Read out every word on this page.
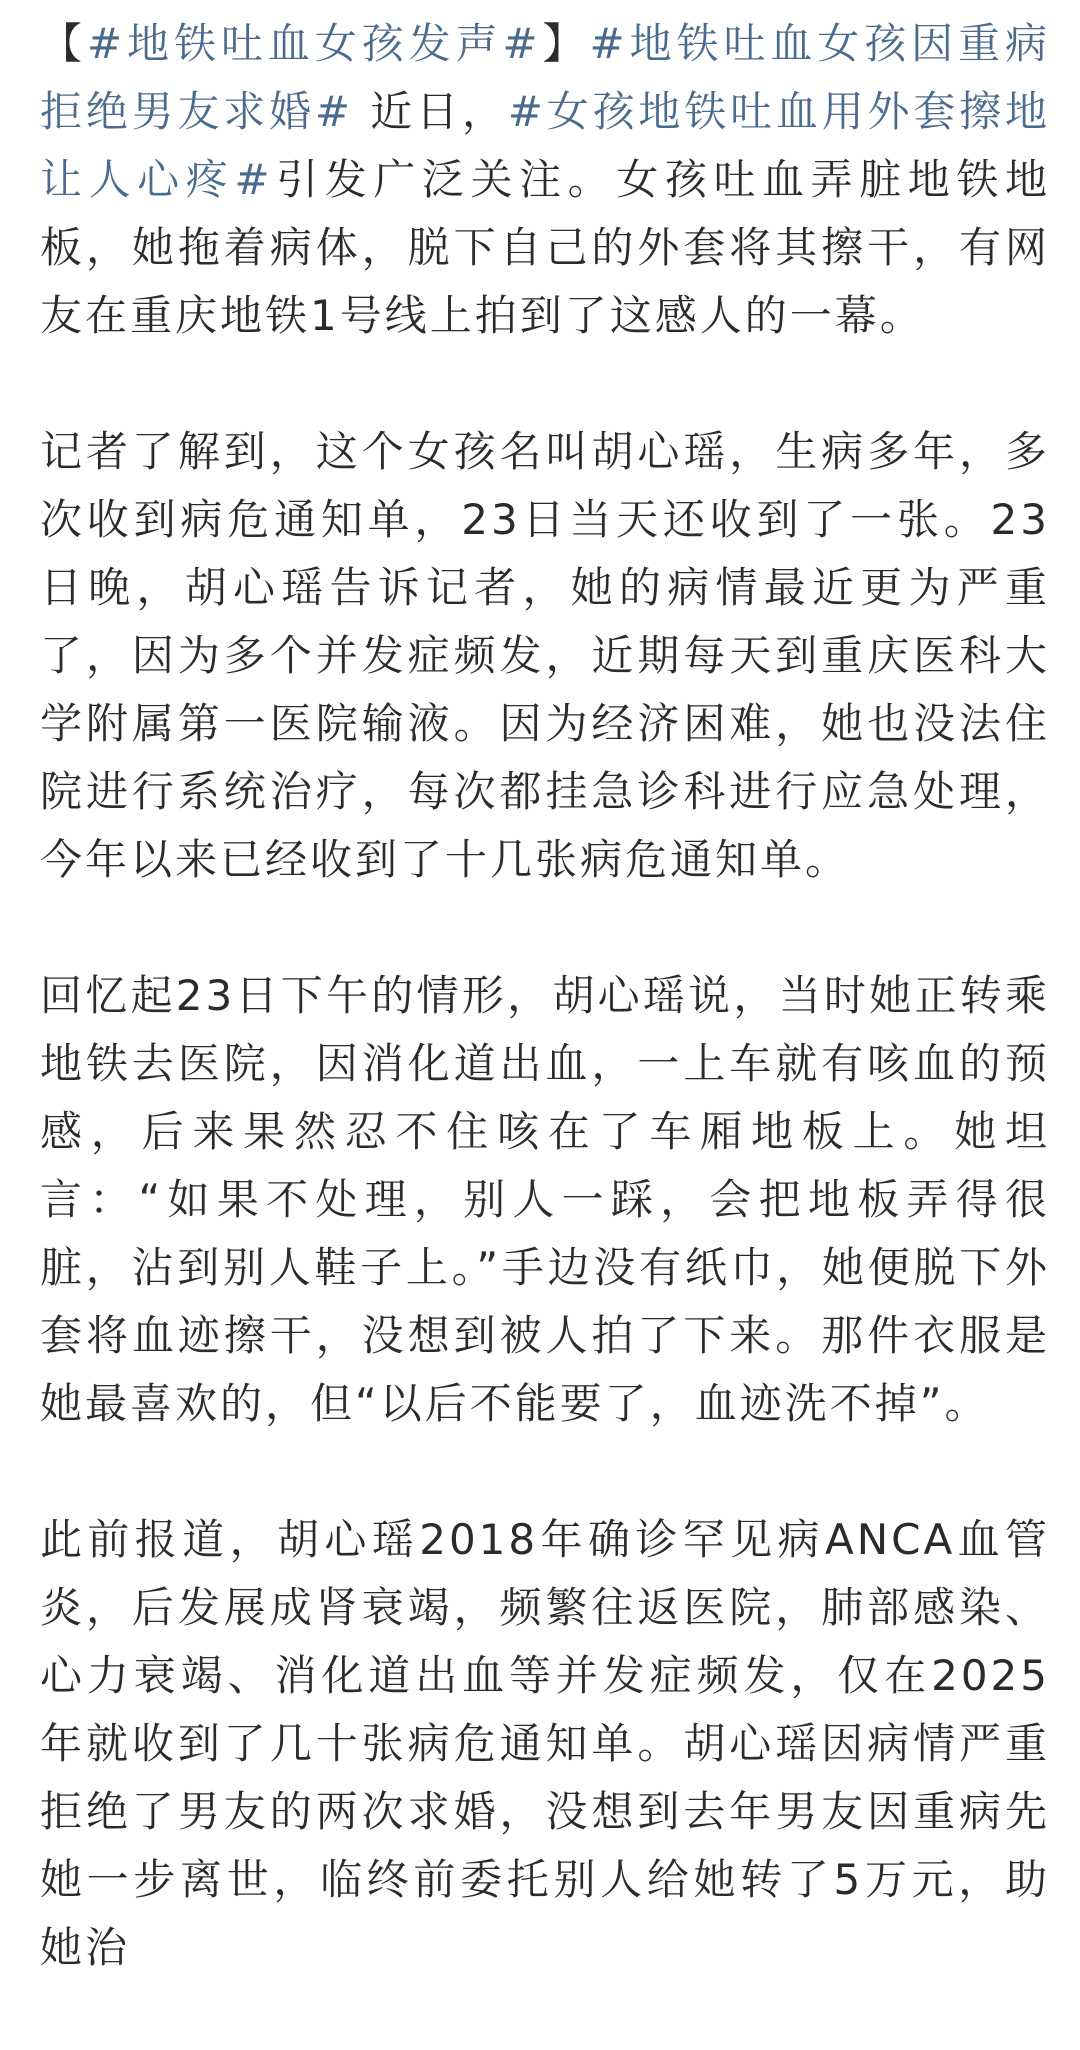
【#地铁吐血女孩发声#】#地铁吐血女孩因重病拒绝男友求婚# 近日，#女孩地铁吐血用外套擦地让人心疼#引发广泛关注。女孩吐血弄脏地铁地板，她拖着病体，脱下自己的外套将其擦干，有网友在重庆地铁1号线上拍到了这感人的一幕。

记者了解到，这个女孩名叫胡心瑶，生病多年，多次收到病危通知单，23日当天还收到了一张。23日晚，胡心瑶告诉记者，她的病情最近更为严重了，因为多个并发症频发，近期每天到重庆医科大学附属第一医院输液。因为经济困难，她也没法住院进行系统治疗，每次都挂急诊科进行应急处理，今年以来已经收到了十几张病危通知单。

回忆起23日下午的情形，胡心瑶说，当时她正转乘地铁去医院，因消化道出血，一上车就有咳血的预感，后来果然忍不住咳在了车厢地板上。她坦言：“如果不处理，别人一踩，会把地板弄得很脏，沾到别人鞋子上。”手边没有纸巾，她便脱下外套将血迹擦干，没想到被人拍了下来。那件衣服是她最喜欢的，但“以后不能要了，血迹洗不掉”。

此前报道，胡心瑶2018年确诊罕见病ANCA血管炎，后发展成肾衰竭，频繁往返医院，肺部感染、心力衰竭、消化道出血等并发症频发，仅在2025年就收到了几十张病危通知单。胡心瑶因病情严重拒绝了男友的两次求婚，没想到去年男友因重病先她一步离世，临终前委托别人给她转了5万元，助她治
